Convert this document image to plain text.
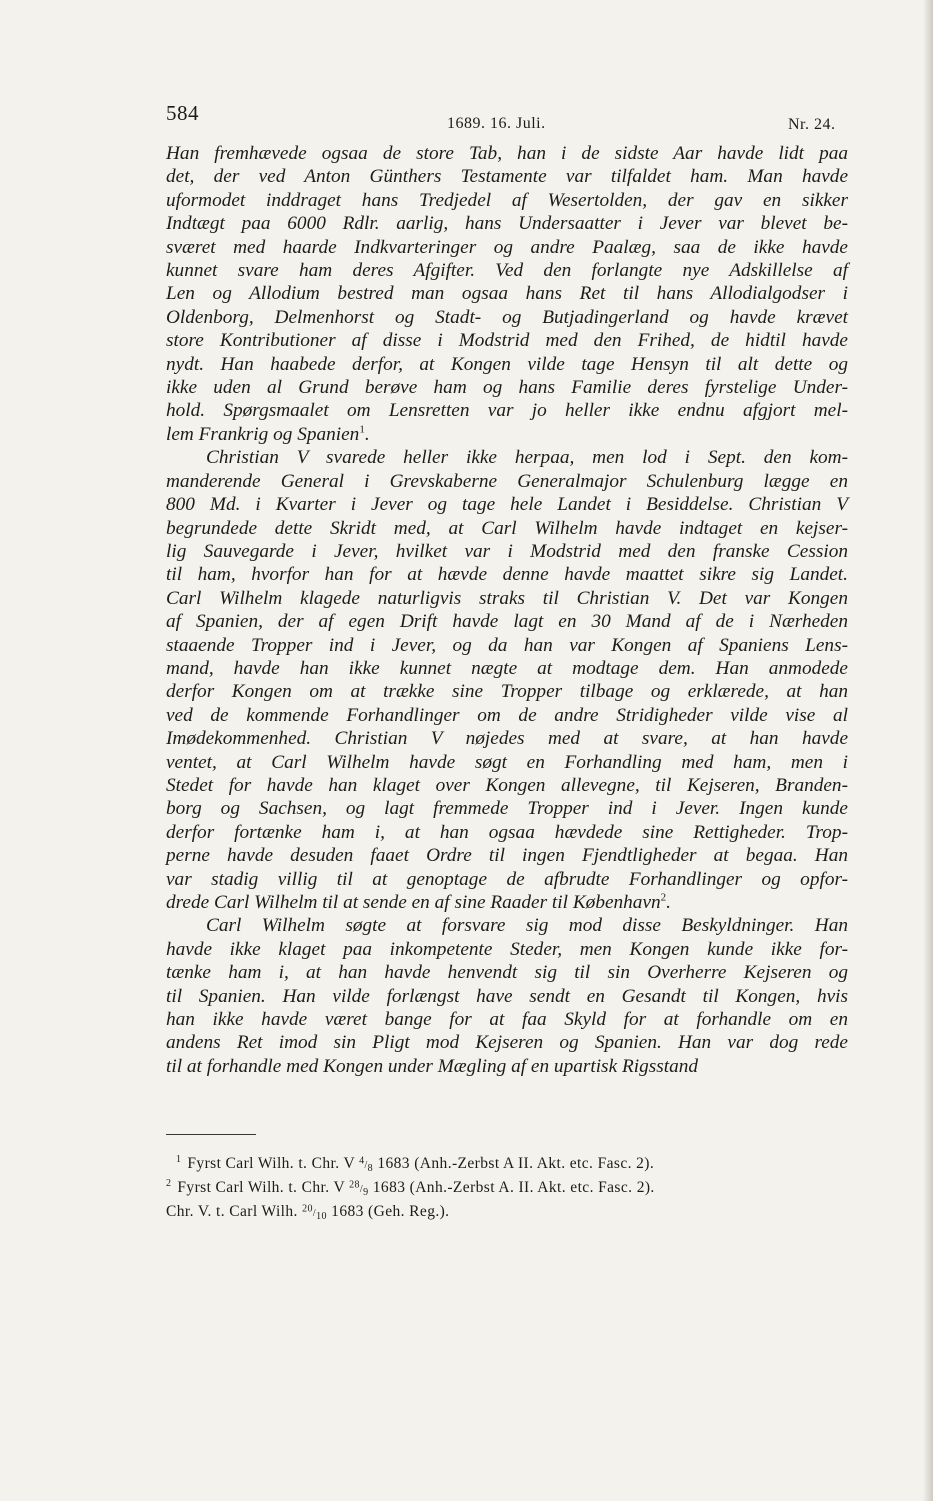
584	1689. 16. Juli.	Nr. 24.
Han fremhævede ogsaa de store Tab, han i de sidste Aar havde lidt paa
det, der ved Anton Günthers Testamente var tilfaldet ham. Man havde
uformodet inddraget hans Tredjedel af Wesertolden, der gav en sikker
Indtægt paa 6000 Rdlr. aarlig, hans Undersaatter i Jever var blevet be-
sværet med haarde Indkvarteringer og andre Paalæg, saa de ikke havde
kunnet svare ham deres Afgifter. Ved den forlangte nye Adskillelse af
Len og Allodium bestred man ogsaa hans Ret til hans Allodialgodser i
Oldenborg, Delmenhorst og Stadt- og Butjadingerland og havde krævet
store Kontributioner af disse i Modstrid med den Frihed, de hidtil havde
nydt. Han haabede derfor, at Kongen vilde tage Hensyn til alt dette og
ikke uden al Grund berøve ham og hans Familie deres fyrstelige Under-
hold. Spørgsmaalet om Lensretten var jo heller ikke endnu afgjort mel-
lem Frankrig og Spanien$^1$.
Christian V svarede heller ikke herpaa, men lod i Sept. den kom-
manderende General i Grevskaberne Generalmajor Schulenburg lægge en
800 Md. i Kvarter i Jever og tage hele Landet i Besiddelse. Christian V
begrundede dette Skridt med, at Carl Wilhelm havde indtaget en kejser-
lig Sauvegarde i Jever, hvilket var i Modstrid med den franske Cession
til ham, hvorfor han for at hævde denne havde maattet sikre sig Landet.
Carl Wilhelm klagede naturligvis straks til Christian V. Det var Kongen
af Spanien, der af egen Drift havde lagt en 30 Mand af de i Nærheden
staaende Tropper ind i Jever, og da han var Kongen af Spaniens Lens-
mand, havde han ikke kunnet nægte at modtage dem. Han anmodede
derfor Kongen om at trække sine Tropper tilbage og erklærede, at han
ved de kommende Forhandlinger om de andre Stridigheder vilde vise al
Imødekommenhed. Christian V nøjedes med at svare, at han havde
ventet, at Carl Wilhelm havde søgt en Forhandling med ham, men i
Stedet for havde han klaget over Kongen allevegne, til Kejseren, Branden-
borg og Sachsen, og lagt fremmede Tropper ind i Jever. Ingen kunde
derfor fortænke ham i, at han ogsaa hævdede sine Rettigheder. Trop-
perne havde desuden faaet Ordre til ingen Fjendtligheder at begaa. Han
var stadig villig til at genoptage de afbrudte Forhandlinger og opfor-
drede Carl Wilhelm til at sende en af sine Raader til København$^2$.
Carl Wilhelm søgte at forsvare sig mod disse Beskyldninger. Han
havde ikke klaget paa inkompetente Steder, men Kongen kunde ikke for-
tænke ham i, at han havde henvendt sig til sin Overherre Kejseren og
til Spanien. Han vilde forlængst have sendt en Gesandt til Kongen, hvis
han ikke havde været bange for at faa Skyld for at forhandle om en
andens Ret imod sin Pligt mod Kejseren og Spanien. Han var dog rede
til at forhandle med Kongen under Mægling af en upartisk Rigsstand
$^1$ Fyrst Carl Wilh. t. Chr. V $^4/_8$ 1683 (Anh.-Zerbst A II. Akt. etc. Fasc. 2).
$^2$ Fyrst Carl Wilh. t. Chr. V $^{28}/_9$ 1683 (Anh.-Zerbst A. II. Akt. etc. Fasc. 2).
Chr. V. t. Carl Wilh. $^{20}/_{10}$ 1683 (Geh. Reg.).
